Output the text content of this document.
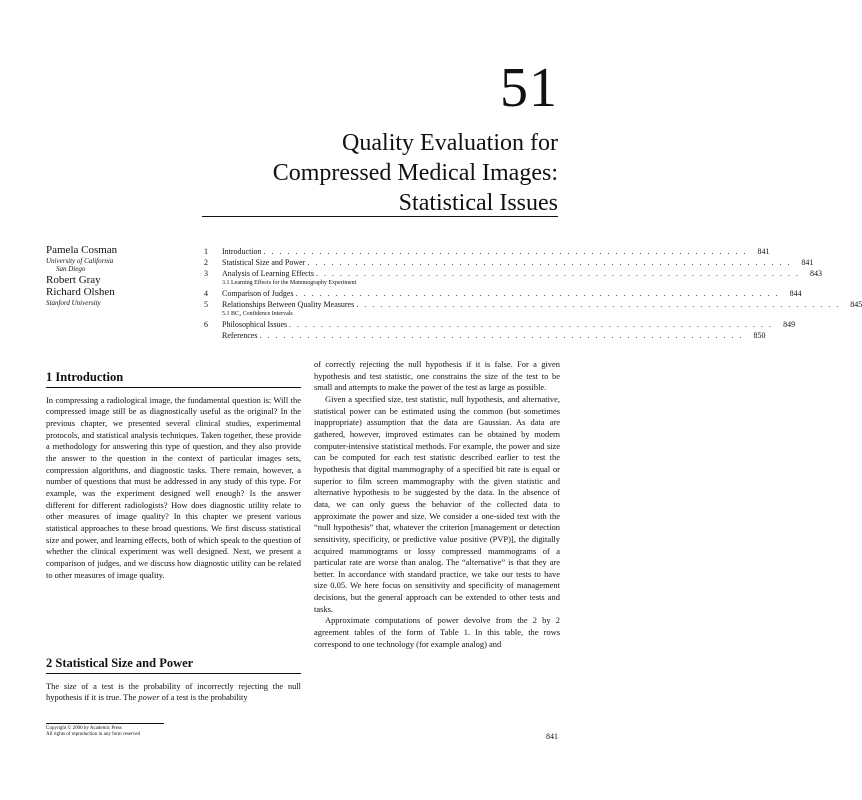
51
Quality Evaluation for
Compressed Medical Images:
Statistical Issues
Pamela Cosman
University of California
San Diego
Robert Gray
Richard Olshen
Stanford University
1	Introduction . . . . . . . . . . . . . . . . . . . . . . . . . . . . . . . . . . . . . . . . . . . . . . . . . . . . . . . . . . . . .	841
2	Statistical Size and Power . . . . . . . . . . . . . . . . . . . . . . . . . . . . . . . . . . . . . . . . . . . . . . . . . . . . . . . . . . . . .	841
3	Analysis of Learning Effects . . . . . . . . . . . . . . . . . . . . . . . . . . . . . . . . . . . . . . . . . . . . . . . . . . . . . . . . . . . . .	843
3.1 Learning Effects for the Mammography Experiment
4	Comparison of Judges . . . . . . . . . . . . . . . . . . . . . . . . . . . . . . . . . . . . . . . . . . . . . . . . . . . . . . . . . . . . .	844
5	Relationships Between Quality Measures . . . . . . . . . . . . . . . . . . . . . . . . . . . . . . . . . . . . . . . . . . . . . . . . . . . . . . . . . . . . .	845
5.1 BC₄ Confidence Intervals
6	Philosophical Issues . . . . . . . . . . . . . . . . . . . . . . . . . . . . . . . . . . . . . . . . . . . . . . . . . . . . . . . . . . . . .	849
References . . . . . . . . . . . . . . . . . . . . . . . . . . . . . . . . . . . . . . . . . . . . . . . . . . . . . . . . . . . . .	850
1 Introduction

In compressing a radiological image, the fundamental question is: Will the compressed image still be as diagnostically useful as the original? In the previous chapter, we presented several clinical studies, experimental protocols, and statistical analysis techniques. Taken together, these provide a methodology for answering this type of question, and they also provide the answer to the question in the context of particular images sets, compression algorithms, and diagnostic tasks. There remain, however, a number of questions that must be addressed in any study of this type. For example, was the experiment designed well enough? Is the answer different for different radiologists? How does diagnostic utility relate to other measures of image quality? In this chapter we present various statistical approaches to these broad questions. We first discuss statistical size and power, and learning effects, both of which speak to the question of whether the clinical experiment was well designed. Next, we present a comparison of judges, and we discuss how diagnostic utility can be related to other measures of image quality.

2 Statistical Size and Power

The size of a test is the probability of incorrectly rejecting the null hypothesis if it is true. The power of a test is the probability

of correctly rejecting the null hypothesis if it is false. For a given hypothesis and test statistic, one constrains the size of the test to be small and attempts to make the power of the test as large as possible.

Given a specified size, test statistic, null hypothesis, and alternative, statistical power can be estimated using the common (but sometimes inappropriate) assumption that the data are Gaussian. As data are gathered, however, improved estimates can be obtained by modern computer-intensive statistical methods. For example, the power and size can be computed for each test statistic described earlier to test the hypothesis that digital mammography of a specified bit rate is equal or superior to film screen mammography with the given statistic and alternative hypothesis to be suggested by the data. In the absence of data, we can only guess the behavior of the collected data to approximate the power and size. We consider a one-sided test with the “null hypothesis” that, whatever the criterion [management or detection sensitivity, specificity, or predictive value positive (PVP)], the digitally acquired mammograms or lossy compressed mammograms of a particular rate are worse than analog. The “alternative” is that they are better. In accordance with standard practice, we take our tests to have size 0.05. We here focus on sensitivity and specificity of management decisions, but the general approach can be extended to other tests and tasks.

Approximate computations of power devolve from the 2 by 2 agreement tables of the form of Table 1. In this table, the rows correspond to one technology (for example analog) and

Copyright © 2000 by Academic Press
All rights of reproduction in any form reserved	841
